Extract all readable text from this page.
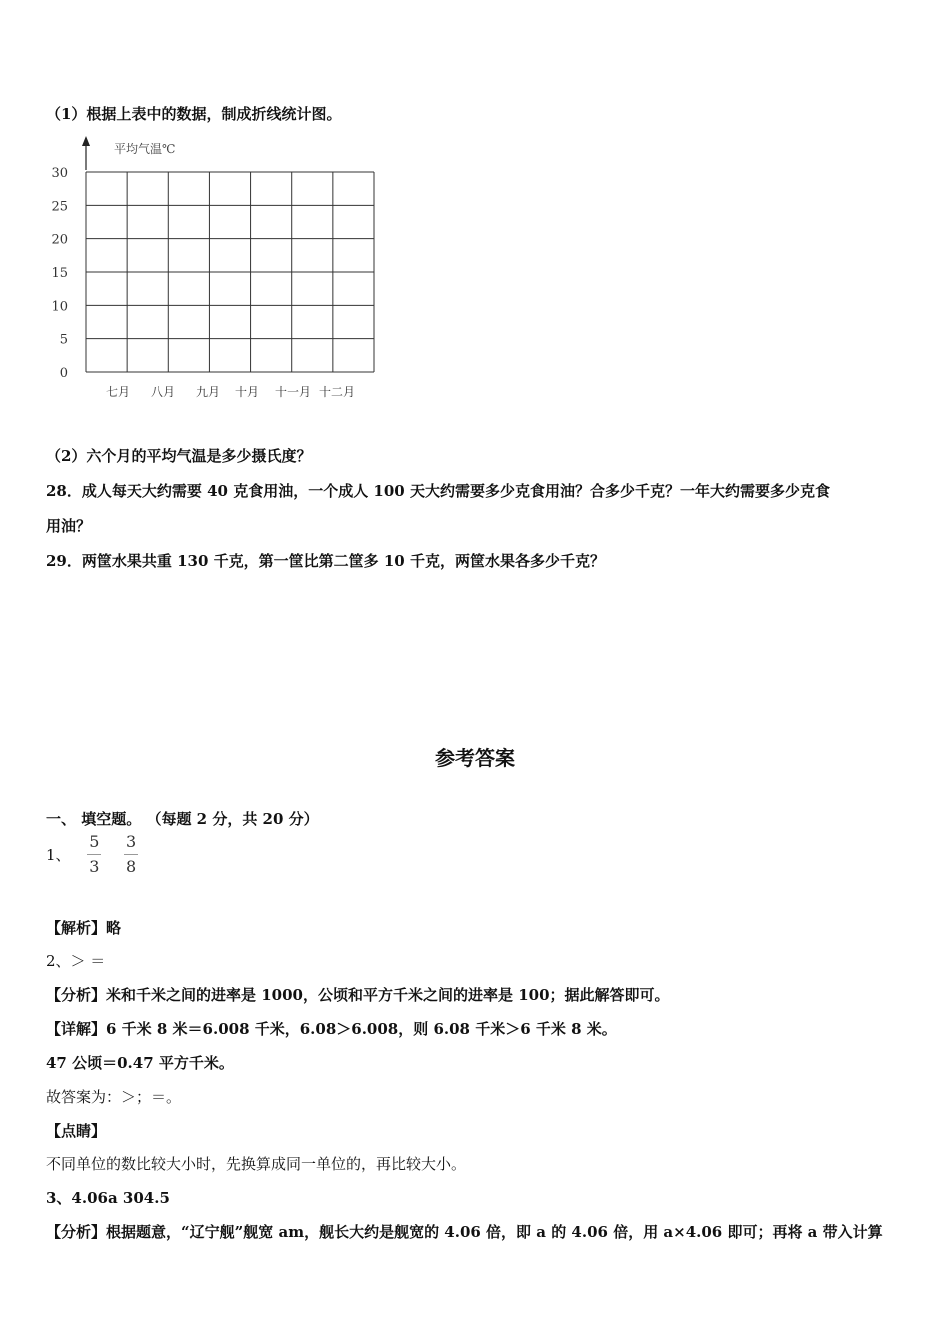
（1）根据上表中的数据，制成折线统计图。
平均气温℃
30
25
20
15
10
5
0
七月 八月 九月 十月 十一月 十二月
（2）六个月的平均气温是多少摄氏度？
28．成人每天大约需要 40 克食用油，一个成人 100 天大约需要多少克食用油？合多少千克？一年大约需要多少克食
用油？
29．两筐水果共重 130 千克，第一筐比第二筐多 10 千克，两筐水果各多少千克？
参考答案
一、 填空题。 （每题 2 分，共 20 分）
1、 $\frac{5}{3}$
$\frac{3}{8}$
【解析】略
2、＞ ＝
【分析】米和千米之间的进率是 1000，公顷和平方千米之间的进率是 100；据此解答即可。
【详解】6 千米 8 米＝6.008 千米，6.08＞6.008，则 6.08 千米＞6 千米 8 米。
47 公顷＝0.47 平方千米。
故答案为：＞；＝。
【点睛】
不同单位的数比较大小时，先换算成同一单位的，再比较大小。
3、4.06a 304.5
【分析】根据题意，“辽宁舰”舰宽 am，舰长大约是舰宽的 4.06 倍，即 a 的 4.06 倍，用 a×4.06 即可；再将 a 带入计算
